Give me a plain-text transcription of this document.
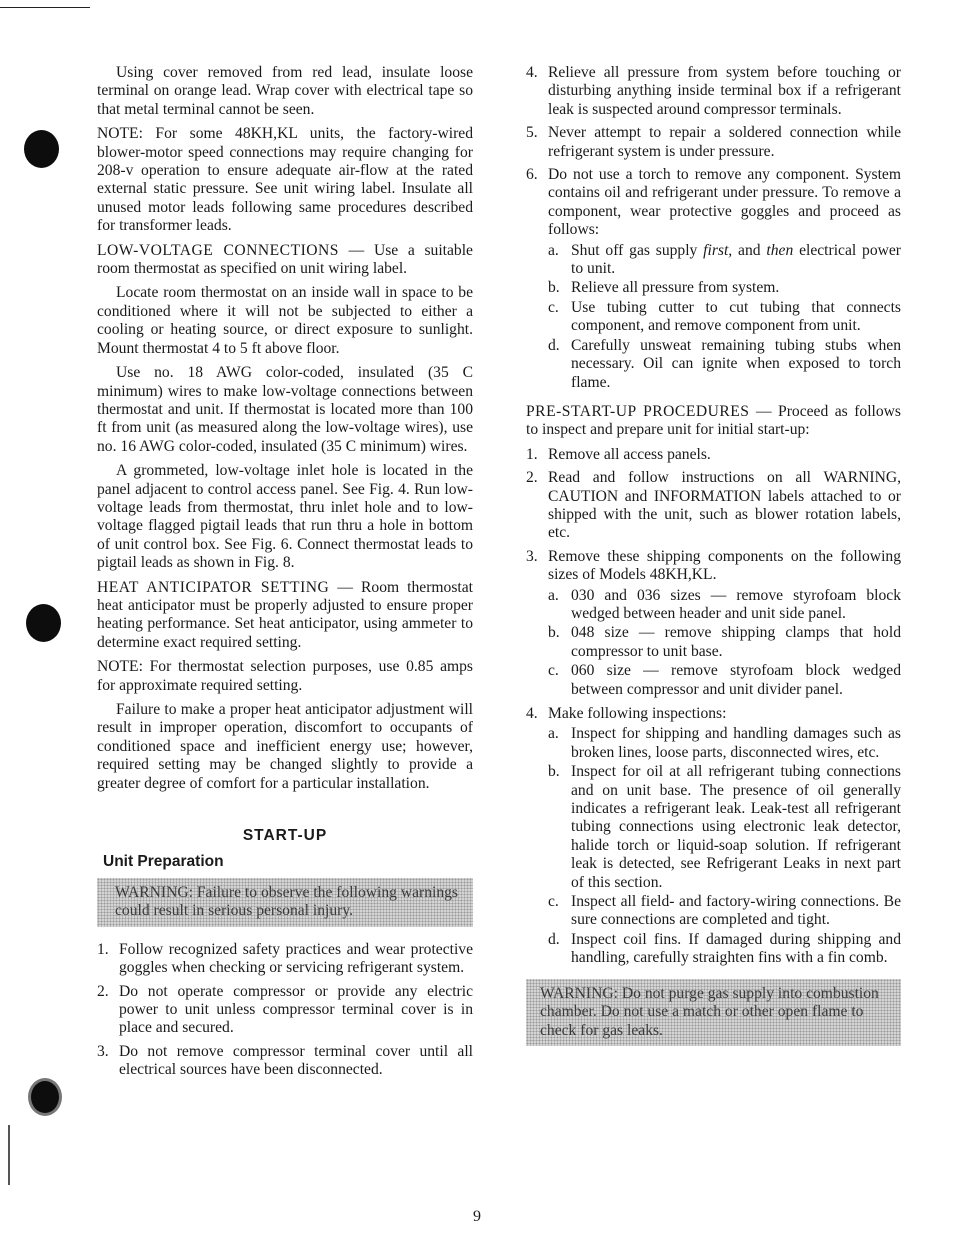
Using cover removed from red lead, insulate loose terminal on orange lead. Wrap cover with electrical tape so that metal terminal cannot be seen.

NOTE: For some 48KH,KL units, the factory-wired blower-motor speed connections may require changing for 208-v operation to ensure adequate air-flow at the rated external static pressure. See unit wiring label. Insulate all unused motor leads following same procedures described for transformer leads.

LOW-VOLTAGE CONNECTIONS — Use a suitable room thermostat as specified on unit wiring label.

Locate room thermostat on an inside wall in space to be conditioned where it will not be subjected to either a cooling or heating source, or direct exposure to sunlight. Mount thermostat 4 to 5 ft above floor.

Use no. 18 AWG color-coded, insulated (35 C minimum) wires to make low-voltage connections between thermostat and unit. If thermostat is located more than 100 ft from unit (as measured along the low-voltage wires), use no. 16 AWG color-coded, insulated (35 C minimum) wires.

A grommeted, low-voltage inlet hole is located in the panel adjacent to control access panel. See Fig. 4. Run low-voltage leads from thermostat, thru inlet hole and to low-voltage flagged pigtail leads that run thru a hole in bottom of unit control box. See Fig. 6. Connect thermostat leads to pigtail leads as shown in Fig. 8.

HEAT ANTICIPATOR SETTING — Room thermostat heat anticipator must be properly adjusted to ensure proper heating performance. Set heat anticipator, using ammeter to determine exact required setting.

NOTE: For thermostat selection purposes, use 0.85 amps for approximate required setting.

Failure to make a proper heat anticipator adjustment will result in improper operation, discomfort to occupants of conditioned space and inefficient energy use; however, required setting may be changed slightly to provide a greater degree of comfort for a particular installation.

START-UP
Unit Preparation
WARNING: Failure to observe the following warnings could result in serious personal injury.
1. Follow recognized safety practices and wear protective goggles when checking or servicing refrigerant system.
2. Do not operate compressor or provide any electric power to unit unless compressor terminal cover is in place and secured.
3. Do not remove compressor terminal cover until all electrical sources have been disconnected.
4. Relieve all pressure from system before touching or disturbing anything inside terminal box if a refrigerant leak is suspected around compressor terminals.
5. Never attempt to repair a soldered connection while refrigerant system is under pressure.
6. Do not use a torch to remove any component. System contains oil and refrigerant under pressure. To remove a component, wear protective goggles and proceed as follows:
a. Shut off gas supply first, and then electrical power to unit.
b. Relieve all pressure from system.
c. Use tubing cutter to cut tubing that connects component, and remove component from unit.
d. Carefully unsweat remaining tubing stubs when necessary. Oil can ignite when exposed to torch flame.

PRE-START-UP PROCEDURES — Proceed as follows to inspect and prepare unit for initial start-up:

1. Remove all access panels.
2. Read and follow instructions on all WARNING, CAUTION and INFORMATION labels attached to or shipped with the unit, such as blower rotation labels, etc.
3. Remove these shipping components on the following sizes of Models 48KH,KL.
a. 030 and 036 sizes — remove styrofoam block wedged between header and unit side panel.
b. 048 size — remove shipping clamps that hold compressor to unit base.
c. 060 size — remove styrofoam block wedged between compressor and unit divider panel.
4. Make following inspections:
a. Inspect for shipping and handling damages such as broken lines, loose parts, disconnected wires, etc.
b. Inspect for oil at all refrigerant tubing connections and on unit base. The presence of oil generally indicates a refrigerant leak. Leak-test all refrigerant tubing connections using electronic leak detector, halide torch or liquid-soap solution. If refrigerant leak is detected, see Refrigerant Leaks in next part of this section.
c. Inspect all field- and factory-wiring connections. Be sure connections are completed and tight.
d. Inspect coil fins. If damaged during shipping and handling, carefully straighten fins with a fin comb.
WARNING: Do not purge gas supply into combustion chamber. Do not use a match or other open flame to check for gas leaks.
9
